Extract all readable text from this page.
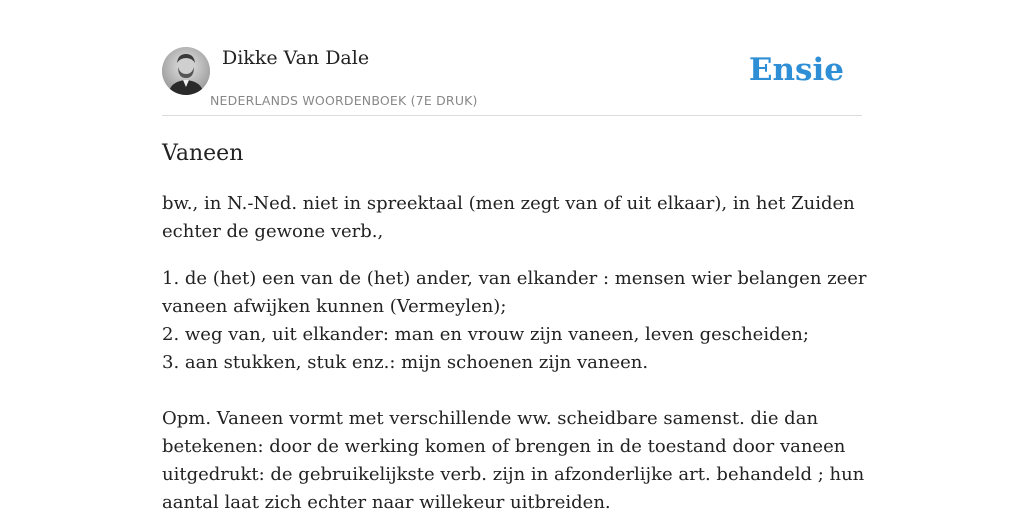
Dikke Van Dale
NEDERLANDS WOORDENBOEK (7E DRUK)
Ensie
Vaneen

bw., in N.-Ned. niet in spreektaal (men zegt van of uit elkaar), in het Zuiden
echter de gewone verb.,

1. de (het) een van de (het) ander, van elkander : mensen wier belangen zeer
vaneen afwijken kunnen (Vermeylen);
2. weg van, uit elkander: man en vrouw zijn vaneen, leven gescheiden;
3. aan stukken, stuk enz.: mijn schoenen zijn vaneen.

Opm. Vaneen vormt met verschillende ww. scheidbare samenst. die dan
betekenen: door de werking komen of brengen in de toestand door vaneen
uitgedrukt: de gebruikelijkste verb. zijn in afzonderlijke art. behandeld ; hun
aantal laat zich echter naar willekeur uitbreiden.
